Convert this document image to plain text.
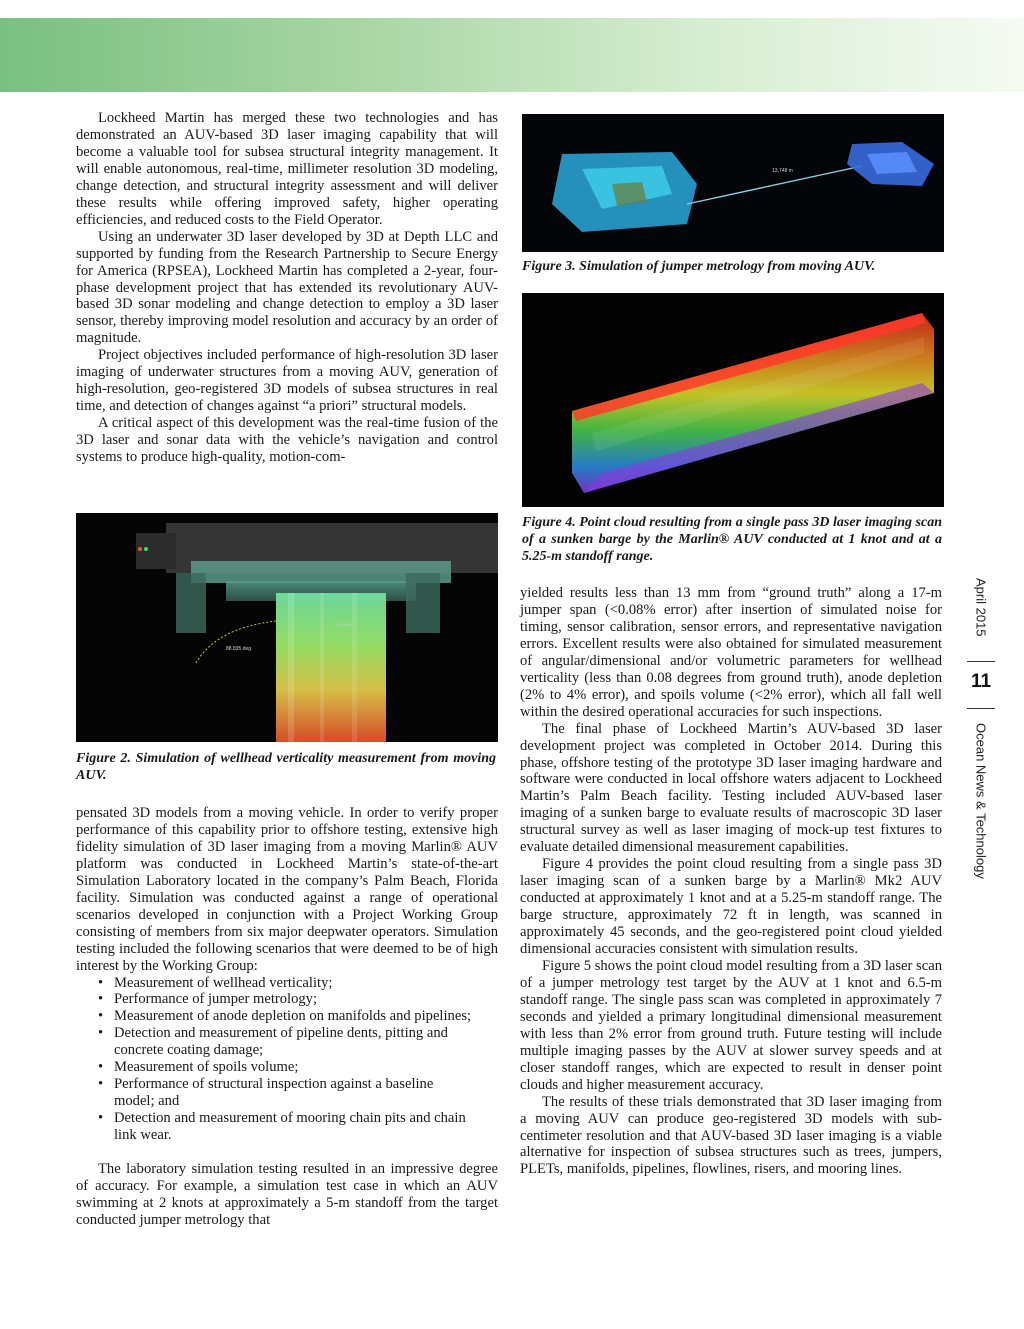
Lockheed Martin has merged these two technologies and has demonstrated an AUV-based 3D laser imaging capability that will become a valuable tool for subsea structural integrity management. It will enable autonomous, real-time, millimeter resolution 3D modeling, change detection, and structural integrity assessment and will deliver these results while offering improved safety, higher operating efficiencies, and reduced costs to the Field Operator.

Using an underwater 3D laser developed by 3D at Depth LLC and supported by funding from the Research Partnership to Secure Energy for America (RPSEA), Lockheed Martin has completed a 2-year, four-phase development project that has extended its revolutionary AUV-based 3D sonar modeling and change detection to employ a 3D laser sensor, thereby improving model resolution and accuracy by an order of magnitude.

Project objectives included performance of high-resolution 3D laser imaging of underwater structures from a moving AUV, generation of high-resolution, geo-registered 3D models of subsea structures in real time, and detection of changes against “a priori” structural models.

A critical aspect of this development was the real-time fusion of the 3D laser and sonar data with the vehicle’s navigation and control systems to produce high-quality, motion-com-

88.835 deg
6.471 m
Figure 2. Simulation of wellhead verticality measurement from moving AUV.

pensated 3D models from a moving vehicle. In order to verify proper performance of this capability prior to offshore testing, extensive high fidelity simulation of 3D laser imaging from a moving Marlin® AUV platform was conducted in Lockheed Martin’s state-of-the-art Simulation Laboratory located in the company’s Palm Beach, Florida facility. Simulation was conducted against a range of operational scenarios developed in conjunction with a Project Working Group consisting of members from six major deepwater operators. Simulation testing included the following scenarios that were deemed to be of high interest by the Working Group:

• Measurement of wellhead verticality;
• Performance of jumper metrology;
• Measurement of anode depletion on manifolds and pipelines;
• Detection and measurement of pipeline dents, pitting and concrete coating damage;
• Measurement of spoils volume;
• Performance of structural inspection against a baseline model; and
• Detection and measurement of mooring chain pits and chain link wear.

The laboratory simulation testing resulted in an impressive degree of accuracy. For example, a simulation test case in which an AUV swimming at 2 knots at approximately a 5-m standoff from the target conducted jumper metrology that

13.748 m
Figure 3. Simulation of jumper metrology from moving AUV.
Figure 4. Point cloud resulting from a single pass 3D laser imaging scan of a sunken barge by the Marlin® AUV conducted at 1 knot and at a 5.25-m standoff range.

yielded results less than 13 mm from “ground truth” along a 17-m jumper span (<0.08% error) after insertion of simulated noise for timing, sensor calibration, sensor errors, and representative navigation errors. Excellent results were also obtained for simulated measurement of angular/dimensional and/or volumetric parameters for wellhead verticality (less than 0.08 degrees from ground truth), anode depletion (2% to 4% error), and spoils volume (<2% error), which all fall well within the desired operational accuracies for such inspections.

The final phase of Lockheed Martin’s AUV-based 3D laser development project was completed in October 2014. During this phase, offshore testing of the prototype 3D laser imaging hardware and software were conducted in local offshore waters adjacent to Lockheed Martin’s Palm Beach facility. Testing included AUV-based laser imaging of a sunken barge to evaluate results of macroscopic 3D laser structural survey as well as laser imaging of mock-up test fixtures to evaluate detailed dimensional measurement capabilities.

Figure 4 provides the point cloud resulting from a single pass 3D laser imaging scan of a sunken barge by a Marlin® Mk2 AUV conducted at approximately 1 knot and at a 5.25-m standoff range. The barge structure, approximately 72 ft in length, was scanned in approximately 45 seconds, and the geo-registered point cloud yielded dimensional accuracies consistent with simulation results.

Figure 5 shows the point cloud model resulting from a 3D laser scan of a jumper metrology test target by the AUV at 1 knot and 6.5-m standoff range. The single pass scan was completed in approximately 7 seconds and yielded a primary longitudinal dimensional measurement with less than 2% error from ground truth. Future testing will include multiple imaging passes by the AUV at slower survey speeds and at closer standoff ranges, which are expected to result in denser point clouds and higher measurement accuracy.

The results of these trials demonstrated that 3D laser imaging from a moving AUV can produce geo-registered 3D models with sub-centimeter resolution and that AUV-based 3D laser imaging is a viable alternative for inspection of subsea structures such as trees, jumpers, PLETs, manifolds, pipelines, flowlines, risers, and mooring lines.

April 2015
11
Ocean News & Technology
